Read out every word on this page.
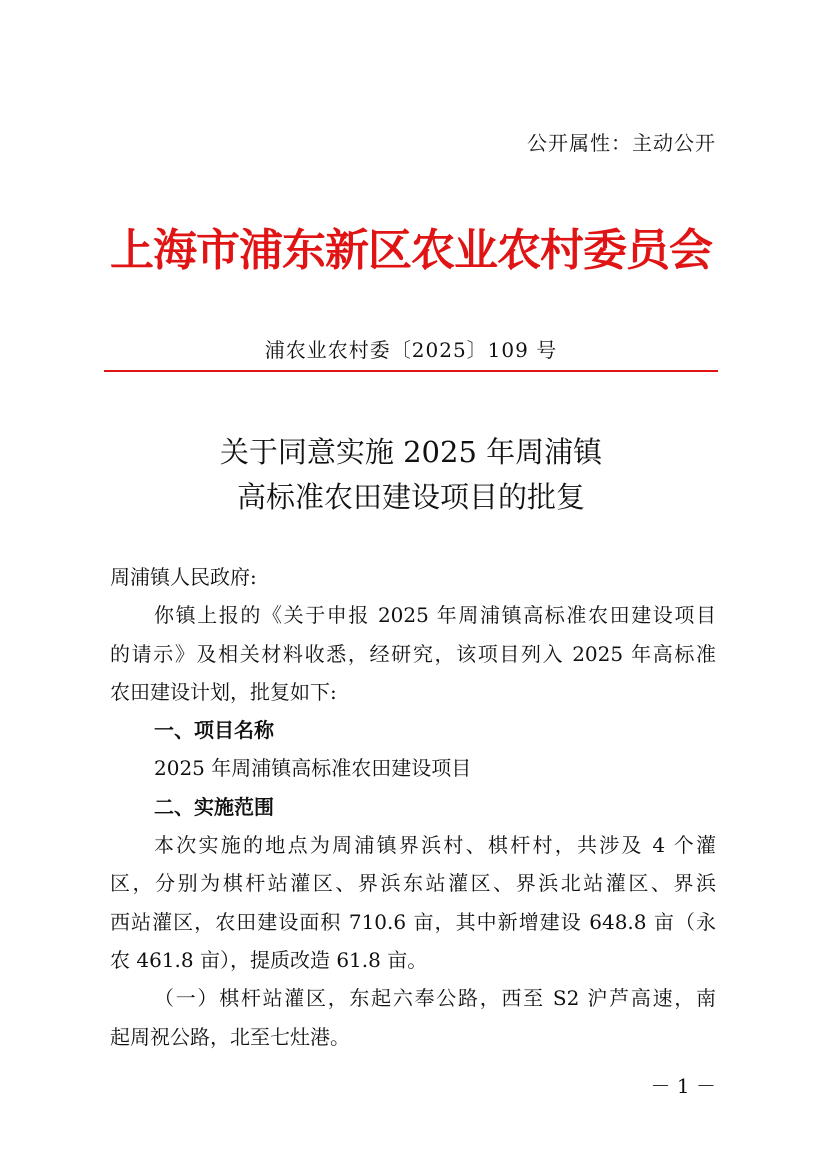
公开属性：主动公开
上海市浦东新区农业农村委员会
浦农业农村委〔2025〕109 号
关于同意实施 2025 年周浦镇
高标准农田建设项目的批复
周浦镇人民政府:
你镇上报的《关于申报 2025 年周浦镇高标准农田建设项目
的请示》及相关材料收悉，经研究，该项目列入 2025 年高标准
农田建设计划，批复如下:
一、项目名称
2025 年周浦镇高标准农田建设项目
二、实施范围
本次实施的地点为周浦镇界浜村、棋杆村，共涉及 4 个灌
区，分别为棋杆站灌区、界浜东站灌区、界浜北站灌区、界浜
西站灌区，农田建设面积 710.6 亩，其中新增建设 648.8 亩（永
农 461.8 亩），提质改造 61.8 亩。
（一）棋杆站灌区，东起六奉公路，西至 S2 沪芦高速，南
起周祝公路，北至七灶港。
－ 1 －
